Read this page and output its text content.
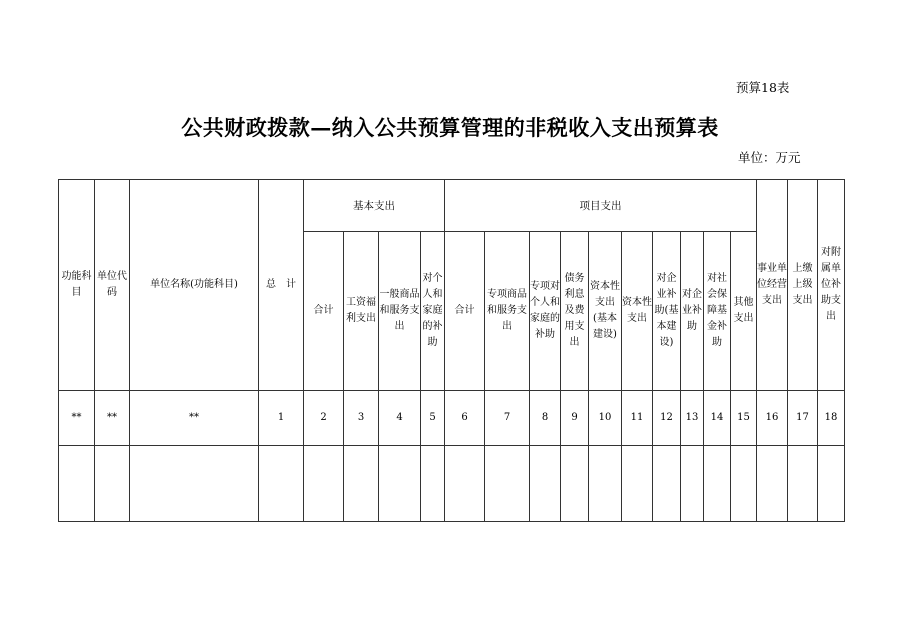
预算18表
公共财政拨款—纳入公共预算管理的非税收入支出预算表
单位：万元
功能科目	单位代码	单位名称(功能科目)	总　计	基本支出				项目支出										事业单位经营支出	上缴上级支出	对附属单位补助支出
				合计	工资福利支出	一般商品和服务支出	对个人和家庭的补助	合计	专项商品和服务支出	专项对个人和家庭的补助	债务利息及费用支出	资本性支出(基本建设)	资本性支出	对企业补助(基本建设)	对企业补助	对社会保障基金补助	其他支出			
**	**	**	1	2	3	4	5	6	7	8	9	10	11	12	13	14	15	16	17	18
